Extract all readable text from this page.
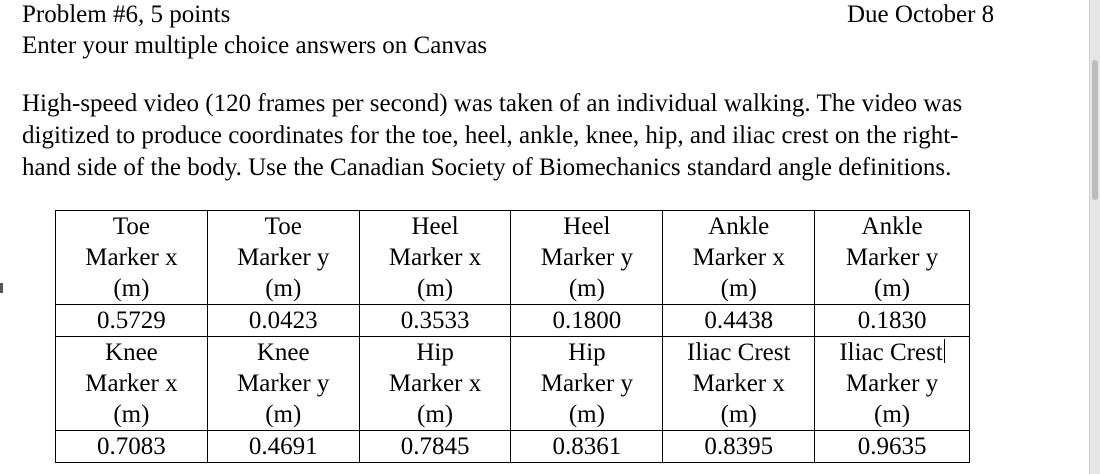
Problem #6, 5 points
Enter your multiple choice answers on Canvas
Due October 8
High-speed video (120 frames per second) was taken of an individual walking. The video was
digitized to produce coordinates for the toe, heel, ankle, knee, hip, and iliac crest on the right-
hand side of the body. Use the Canadian Society of Biomechanics standard angle definitions.
Toe
Marker x
(m)	Toe
Marker y
(m)	Heel
Marker x
(m)	Heel
Marker y
(m)	Ankle
Marker x
(m)	Ankle
Marker y
(m)

0.5729	0.0423	0.3533	0.1800	0.4438	0.1830

Knee
Marker x
(m)	Knee
Marker y
(m)	Hip
Marker x
(m)	Hip
Marker y
(m)	Iliac Crest
Marker x
(m)	Iliac Crest
Marker y
(m)

0.7083	0.4691	0.7845	0.8361	0.8395	0.9635
